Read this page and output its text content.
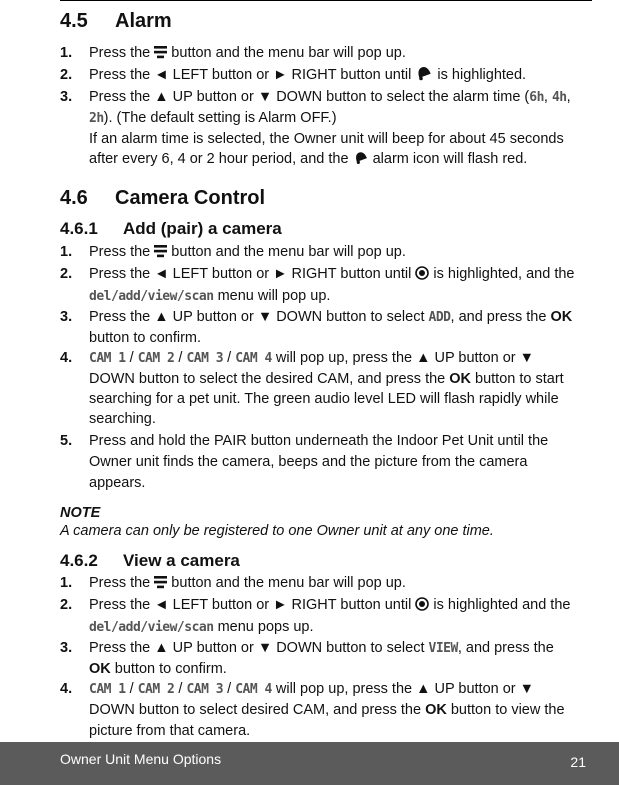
4.5	Alarm
1.	Press the  button and the menu bar will pop up.
2.	Press the ◄ LEFT button or ► RIGHT button until  is highlighted.
3.	Press the ▲ UP button or ▼ DOWN button to select the alarm time (6h, 4h, 2h). (The default setting is Alarm OFF.)
If an alarm time is selected, the Owner unit will beep for about 45 seconds after every 6, 4 or 2 hour period, and the  alarm icon will flash red.
4.6	Camera Control
4.6.1	Add (pair) a camera
1.	Press the  button and the menu bar will pop up.
2.	Press the ◄ LEFT button or ► RIGHT button until  is highlighted, and the del/add/view/scan menu will pop up.
3.	Press the ▲ UP button or ▼ DOWN button to select ADD, and press the OK button to confirm.
4.	CAM 1 / CAM 2 / CAM 3 / CAM 4 will pop up, press the ▲ UP button or ▼ DOWN button to select the desired CAM, and press the OK button to start searching for a pet unit. The green audio level LED will flash rapidly while searching.
5.	Press and hold the PAIR button underneath the Indoor Pet Unit until the Owner unit finds the camera, beeps and the picture from the camera appears.
NOTE
A camera can only be registered to one Owner unit at any one time.
4.6.2	View a camera
1.	Press the  button and the menu bar will pop up.
2.	Press the ◄ LEFT button or ► RIGHT button until  is highlighted and the del/add/view/scan menu pops up.
3.	Press the ▲ UP button or ▼ DOWN button to select VIEW, and press the OK button to confirm.
4.	CAM 1 / CAM 2 / CAM 3 / CAM 4 will pop up, press the ▲ UP button or ▼ DOWN button to select desired CAM, and press the OK button to view the picture from that camera.
Owner Unit Menu Options	21
